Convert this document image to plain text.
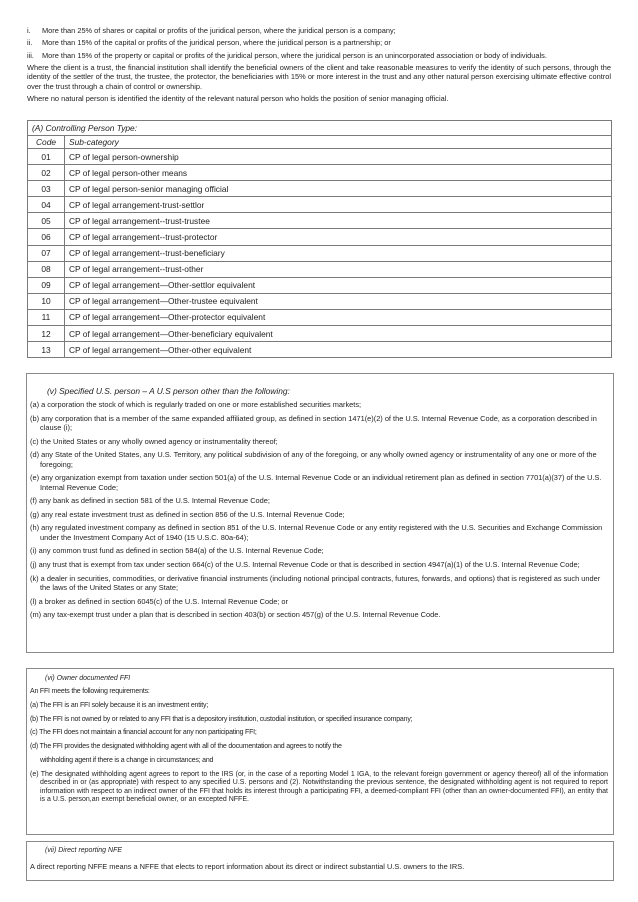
i. More than 25% of shares or capital or profits of the juridical person, where the juridical person is a company;
ii. More than 15% of the capital or profits of the juridical person, where the juridical person is a partnership; or
iii. More than 15% of the property or capital or profits of the juridical person, where the juridical person is an unincorporated association or body of individuals.
Where the client is a trust, the financial institution shall identify the beneficial owners of the client and take reasonable measures to verify the identity of such persons, through the identity of the settler of the trust, the trustee, the protector, the beneficiaries with 15% or more interest in the trust and any other natural person exercising ultimate effective control over the trust through a chain of control or ownership.
Where no natural person is identified the identity of the relevant natural person who holds the position of senior managing official.
(A) Controlling Person Type:	
Code	Sub-category
01	CP of legal person-ownership
02	CP of legal person-other means
03	CP of legal person-senior managing official
04	CP of legal arrangement-trust-settlor
05	CP of legal arrangement--trust-trustee
06	CP of legal arrangement--trust-protector
07	CP of legal arrangement--trust-beneficiary
08	CP of legal arrangement--trust-other
09	CP of legal arrangement—Other-settlor equivalent
10	CP of legal arrangement—Other-trustee equivalent
11	CP of legal arrangement—Other-protector equivalent
12	CP of legal arrangement—Other-beneficiary equivalent
13	CP of legal arrangement—Other-other equivalent
(v) Specified U.S. person – A U.S person other than the following:
(a) a corporation the stock of which is regularly traded on one or more established securities markets;
(b) any corporation that is a member of the same expanded affiliated group, as defined in section 1471(e)(2) of the U.S. Internal Revenue Code, as a corporation described in clause (i);
(c) the United States or any wholly owned agency or instrumentality thereof;
(d) any State of the United States, any U.S. Territory, any political subdivision of any of the foregoing, or any wholly owned agency or instrumentality of any one or more of the foregoing;
(e) any organization exempt from taxation under section 501(a) of the U.S. Internal Revenue Code or an individual retirement plan as defined in section 7701(a)(37) of the U.S. Internal Revenue Code;
(f) any bank as defined in section 581 of the U.S. Internal Revenue Code;
(g) any real estate investment trust as defined in section 856 of the U.S. Internal Revenue Code;
(h) any regulated investment company as defined in section 851 of the U.S. Internal Revenue Code or any entity registered with the U.S. Securities and Exchange Commission under the Investment Company Act of 1940 (15 U.S.C. 80a-64);
(i) any common trust fund as defined in section 584(a) of the U.S. Internal Revenue Code;
(j) any trust that is exempt from tax under section 664(c) of the U.S. Internal Revenue Code or that is described in section 4947(a)(1) of the U.S. Internal Revenue Code;
(k) a dealer in securities, commodities, or derivative financial instruments (including notional principal contracts, futures, forwards, and options) that is registered as such under the laws of the United States or any State;
(l) a broker as defined in section 6045(c) of the U.S. Internal Revenue Code; or
(m) any tax-exempt trust under a plan that is described in section 403(b) or section 457(g) of the U.S. Internal Revenue Code.
(vi) Owner documented FFI
An FFI meets the following requirements:
(a) The FFI is an FFI solely because it is an investment entity;
(b) The FFI is not owned by or related to any FFI that is a depository institution, custodial institution, or specified insurance company;
(c) The FFI does not maintain a financial account for any non participating FFI;
(d) The FFI provides the designated withholding agent with all of the documentation and agrees to notify the
withholding agent if there is a change in circumstances; and
(e) The designated withholding agent agrees to report to the IRS (or, in the case of a reporting Model 1 IGA, to the relevant foreign government or agency thereof) all of the information described in or (as appropriate) with respect to any specified U.S. persons and (2). Notwithstanding the previous sentence, the designated withholding agent is not required to report information with respect to an indirect owner of the FFI that holds its interest through a participating FFI, a deemed-compliant FFI (other than an owner-documented FFI), an entity that is a U.S. person,an exempt beneficial owner, or an excepted NFFE.
(vii) Direct reporting NFE
A direct reporting NFFE means a NFFE that elects to report information about its direct or indirect substantial U.S. owners to the IRS.
